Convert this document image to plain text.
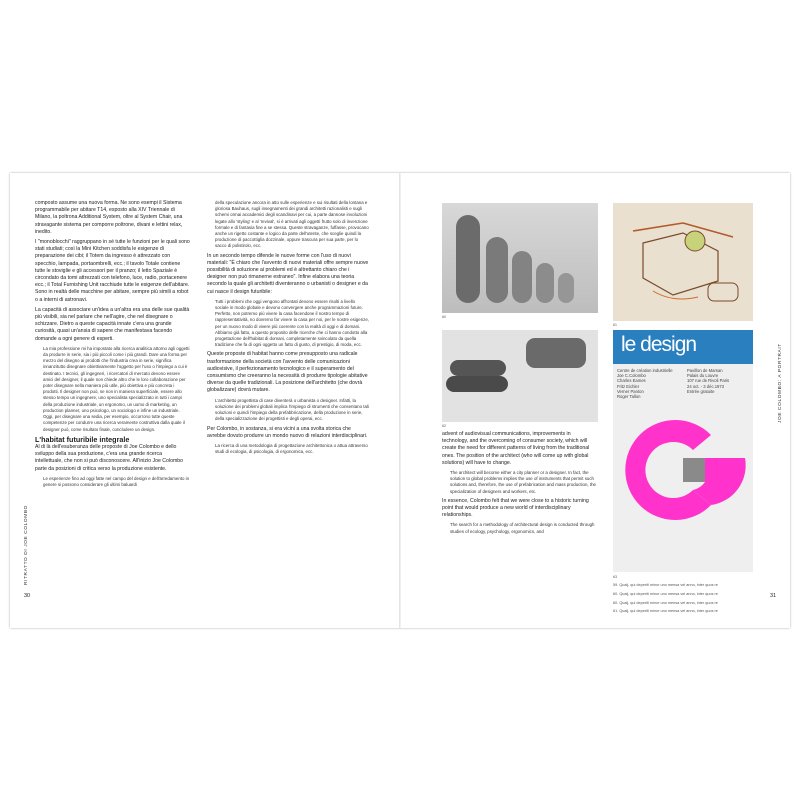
composto assume una nuova forma. Ne sono esempi il Sistema programmabile per abitare T14, esposto alla XIV Triennale di Milano, la poltrona Additional System, oltre al System Chair, una stravagante sistema per comporre poltrone, divani e lettini relax, inedito.

I "monoblocchi" raggruppano in sé tutte le funzioni per le quali sono stati studiati; così la Mini Kitchen soddisfa le esigenze di preparazione dei cibi; il Totem da ingresso è attrezzato con specchio, lampada, portaombrelli, ecc.; il tavolo Totale contiene tutte le stoviglie e gli accessori per il pranzo; il letto Spaziale è circondato da tomi attrezzati con telefono, luce, radio, portacenere ecc.; il Total Furnishing Unit racchiude tutte le esigenze dell'abitare. Sono in realtà delle macchine per abitare, sempre più simili a robot o a interni di astronavi.

La capacità di associare un'idea a un'altra era una delle sue qualità più visibili, sia nel parlare che nell'agire, che nel disegnare o schizzare. Dietro a queste capacità innate c'era una grande curiosità, quasi un'ansia di sapere che manifestava facendo domande a ogni genere di esperti.

La mia professione mi ha impostato alla ricerca analitica attorno agli oggetti da produrre in serie, sia i più piccoli come i più grandi. Dare una forma per mezzo del disegno ai prodotti che l'industria crea in serie, significa innanzitutto disegnare obiettivamente l'oggetto per l'uso o l'impiego a cui è destinato. I tecnici, gli ingegneri, i ricercatori di mercato devono essere amici del designer, il quale non chiede altro che le loro collaborazione per poter disegnare nella maniera più utile, più obiettiva e più concreta i prodotti. Il designer non può, se non in maniera superficiale, essere allo stesso tempo un ingegnere, uno specialista specializzato in tutti i campi della produzione industriale, un ergonomo, un uomo di marketing, un production planner, uno psicologo, un sociologo e infine un industriale. Oggi, per disegnare una sedia, per esempio, occorrono tutte queste competenze per condurre una ricerca veramente costruttiva dalla quale il designer può, come risultato finale, concludere un design.

L'habitat futuribile integrale

Al di là dell'esuberanza delle proposte di Joe Colombo e dello sviluppo della sua produzione, c'era una grande ricerca intellettuale, che non si può disconoscere. All'inizio Joe Colombo parte da posizioni di critica verso la produzione esistente.

Le esperienze fino ad oggi fatte nel campo del design e dell'arredamento in genere si possono considerare gli ultimi baluardi

della speculazione ancora in atto sulle esperienze e sui risultati della lontana e gloriosa Bauhaus, sugli insegnamenti dei grandi architetti razionalisti e sugli schemi ormai accademici degli scandinavi per cui, a parte dannose involuzioni legate allo 'styling' e al 'revival', si è arrivati agli oggetti frutto solo di invenzione formale e di fantasia fine a se stessa. Queste stravaganze, fuffasse, provocano anche un rigetto costante e logico da parte dell'utente, che sceglie quindi la produzione di paccottiglia dozzinale, oppure trascura per sua parte, per lo sacco di polistirolo, ecc.

In un secondo tempo difende le nuove forme con l'uso di nuovi materiali: "È chiaro che l'avvento di nuovi materiali offre sempre nuove possibilità di soluzione ai problemi ed è altrettanto chiaro che i designer non può rimanerne estraneo". Infine elabora una teoria secondo la quale gli architetti diventeranno o urbanisti o designer e da cui nasce il design futuribile:

Tutti i problemi che oggi vengono affrontati devono essere risolti a livello sociale in modo globale e devono convergere anche programmazioni future. Perfetto, non potremo più vivere la casa facendone il nostro tempo di rappresentatività, no dovremo far vivere la casa per noi, per le nostre esigenze, per un nuovo modo di vivere più coerente con la realtà di oggi e di domani. Abbiamo già fatto, a questo proposito delle ricerche che ci hanno condotto alla progettazione dell'habitat di domani, completamente svincolato da quella tradizione che fa di ogni oggetto un fatto di gusto, di prestigio, di moda, ecc.

Queste proposte di habitat hanno come presupposto una radicale trasformazione della società con l'avvento delle comunicazioni audiovisive, il perfezionamento tecnologico e il superamento del consumismo che creeranno la necessità di produrre tipologie abitative diverse da quelle tradizionali. La posizione dell'architetto (che dovrà globalizzare) dovrà mutare.

L'architetto progettista di case diventerà o urbanista o designer. Infatti, la soluzione dei problemi globali implica l'impiego di strumenti che consentano tali soluzioni e quindi l'impiego della prefabbricazione, della produzione in serie, della specializzazione dei progettisti e degli operai, ecc.

Per Colombo, in sostanza, si era vicini a una svolta storica che avrebbe dovuto produrre un mondo nuovo di relazioni interdisciplinari.

La ricerca di una metodologia di progettazione architettonica o attua attraverso studi di ecologia, di psicologia, di ergonomica, ecc.

RITRATTO DI JOE COLOMBO
30
60
61
62
le design
Centre de création industrielle
Joe C.Colombo
Charles Eames
Fritz Eichler
Verner Panton
Roger Tallon
Pavillon de Marsan
Palais du Louvre
107 rue de Rivoli Paris
24 oct. - 3 déc.1973
Entrée gratuite
63

advent of audiovisual communications, improvements in technology, and the overcoming of consumer society, which will create the need for different patterns of living from the traditional ones. The position of the architect (who will come up with global solutions) will have to change.

The architect will become either a city planner or a designer. In fact, the solution to global problems implies the use of instruments that permit such solutions and, therefore, the use of prefabrication and mass production, the specialization of designers and workers, etc.

In essence, Colombo felt that we were close to a historic turning point that would produce a new world of interdisciplinary relationships.

The search for a methodology of architectural design is conducted through studies of ecology, psychology, ergonomics, and

59. Qualj, qui deperiti minor uno mensa vel anno, inter quos re
60. Qualj, qui deperiti minor uno mensa vel anno, inter quos re
60. Qualj, qui deperiti minor uno mensa vel anno, inter quos re
61. Qualj, qui deperiti minor uno mensa vel anno, inter quos re
JOE COLOMBO: A PORTRAIT
31
